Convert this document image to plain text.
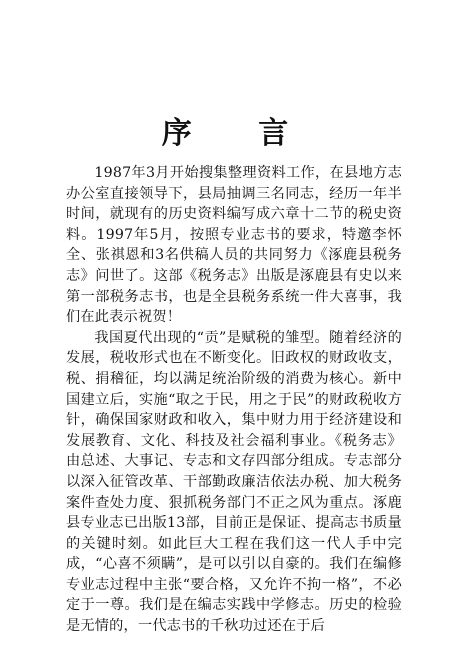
序 言

1987年3月开始搜集整理资料工作，在县地方志办公室直接领导下，县局抽调三名同志，经历一年半时间，就现有的历史资料编写成六章十二节的税史资料。1997年5月，按照专业志书的要求，特邀李怀全、张祺恩和3名供稿人员的共同努力《涿鹿县税务志》问世了。这部《税务志》出版是涿鹿县有史以来第一部税务志书，也是全县税务系统一件大喜事，我们在此表示祝贺！

我国夏代出现的“贡”是赋税的雏型。随着经济的发展，税收形式也在不断变化。旧政权的财政收支，税、捐稽征，均以满足统治阶级的消费为核心。新中国建立后，实施“取之于民，用之于民”的财政税收方针，确保国家财政和收入，集中财力用于经济建设和发展教育、文化、科技及社会福利事业。《税务志》由总述、大事记、专志和文存四部分组成。专志部分以深入征管改革、干部勤政廉洁依法办税、加大税务案件查处力度、狠抓税务部门不正之风为重点。涿鹿县专业志已出版13部，目前正是保证、提高志书质量的关键时刻。如此巨大工程在我们这一代人手中完成，“心喜不须瞒”，是可以引以自豪的。我们在编修专业志过程中主张“要合格，又允许不拘一格”，不必定于一尊。我们是在编志实践中学修志。历史的检验是无情的，一代志书的千秋功过还在于后
